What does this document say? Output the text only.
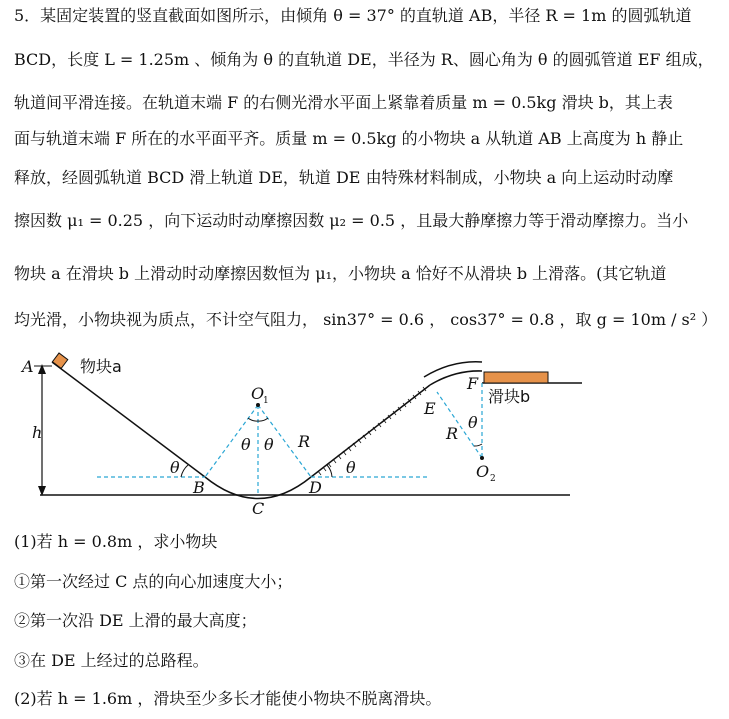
5．某固定装置的竖直截面如图所示，由倾角 θ = 37° 的直轨道 AB，半径 R = 1m 的圆弧轨道
BCD，长度 L = 1.25m 、倾角为 θ 的直轨道 DE，半径为 R、圆心角为 θ 的圆弧管道 EF 组成，
轨道间平滑连接。在轨道末端 F 的右侧光滑水平面上紧靠着质量 m = 0.5kg 滑块 b，其上表
面与轨道末端 F 所在的水平面平齐。质量 m = 0.5kg 的小物块 a 从轨道 AB 上高度为 h 静止
释放，经圆弧轨道 BCD 滑上轨道 DE，轨道 DE 由特殊材料制成，小物块 a 向上运动时动摩
擦因数 μ₁ = 0.25 ，向下运动时动摩擦因数 μ₂ = 0.5 ，且最大静摩擦力等于滑动摩擦力。当小
物块 a 在滑块 b 上滑动时动摩擦因数恒为 μ₁，小物块 a 恰好不从滑块 b 上滑落。(其它轨道
均光滑，小物块视为质点，不计空气阻力， sin37° = 0.6 ， cos37° = 0.8 ，取 g = 10m / s² ）
A	物块a
h
θ
B
C
D
θ
O
1
θ θ R
E
F
滑块b
θ
R
O 2
(1)若 h = 0.8m ，求小物块
①第一次经过 C 点的向心加速度大小；
②第一次沿 DE 上滑的最大高度；
③在 DE 上经过的总路程。
(2)若 h = 1.6m ，滑块至少多长才能使小物块不脱离滑块。
